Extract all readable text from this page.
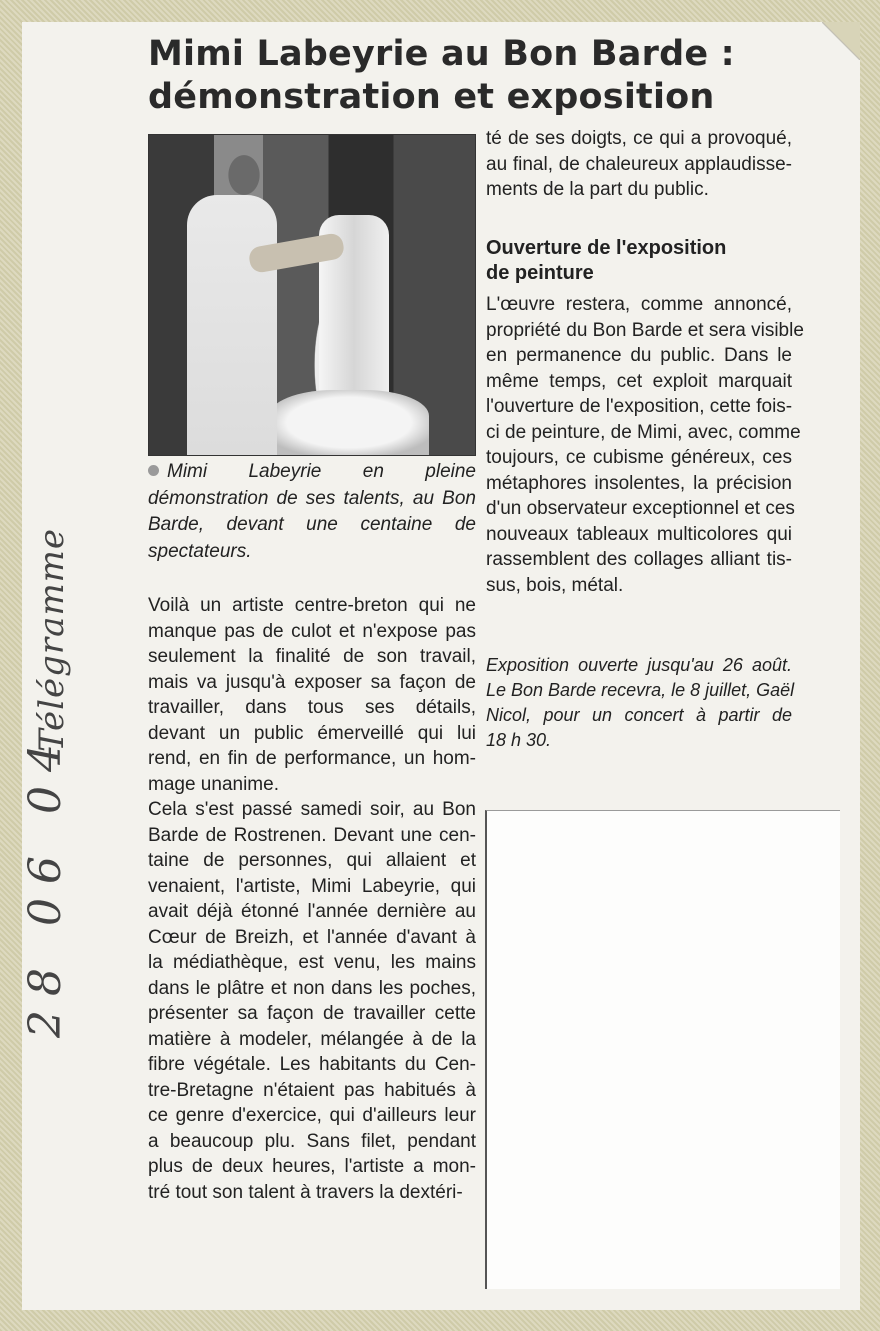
Télégramme
28 06 04
Mimi Labeyrie au Bon Barde :
démonstration et exposition
Mimi Labeyrie en pleine démonstration de ses talents, au Bon Barde, devant une centaine de spectateurs.
Voilà un artiste centre-breton qui ne
manque pas de culot et n'expose pas
seulement la finalité de son travail,
mais va jusqu'à exposer sa façon de
travailler, dans tous ses détails,
devant un public émerveillé qui lui
rend, en fin de performance, un hom-
mage unanime.
Cela s'est passé samedi soir, au Bon
Barde de Rostrenen. Devant une cen-
taine de personnes, qui allaient et
venaient, l'artiste, Mimi Labeyrie, qui
avait déjà étonné l'année dernière au
Cœur de Breizh, et l'année d'avant à
la médiathèque, est venu, les mains
dans le plâtre et non dans les poches,
présenter sa façon de travailler cette
matière à modeler, mélangée à de la
fibre végétale. Les habitants du Cen-
tre-Bretagne n'étaient pas habitués à
ce genre d'exercice, qui d'ailleurs leur
a beaucoup plu. Sans filet, pendant
plus de deux heures, l'artiste a mon-
tré tout son talent à travers la dextéri-
té de ses doigts, ce qui a provoqué,
au final, de chaleureux applaudisse-
ments de la part du public.
Ouverture de l'exposition
de peinture
L'œuvre restera, comme annoncé,
propriété du Bon Barde et sera visible
en permanence du public. Dans le
même temps, cet exploit marquait
l'ouverture de l'exposition, cette fois-
ci de peinture, de Mimi, avec, comme
toujours, ce cubisme généreux, ces
métaphores insolentes, la précision
d'un observateur exceptionnel et ces
nouveaux tableaux multicolores qui
rassemblent des collages alliant tis-
sus, bois, métal.
Exposition ouverte jusqu'au 26 août.
Le Bon Barde recevra, le 8 juillet, Gaël
Nicol, pour un concert à partir de
18 h 30.
